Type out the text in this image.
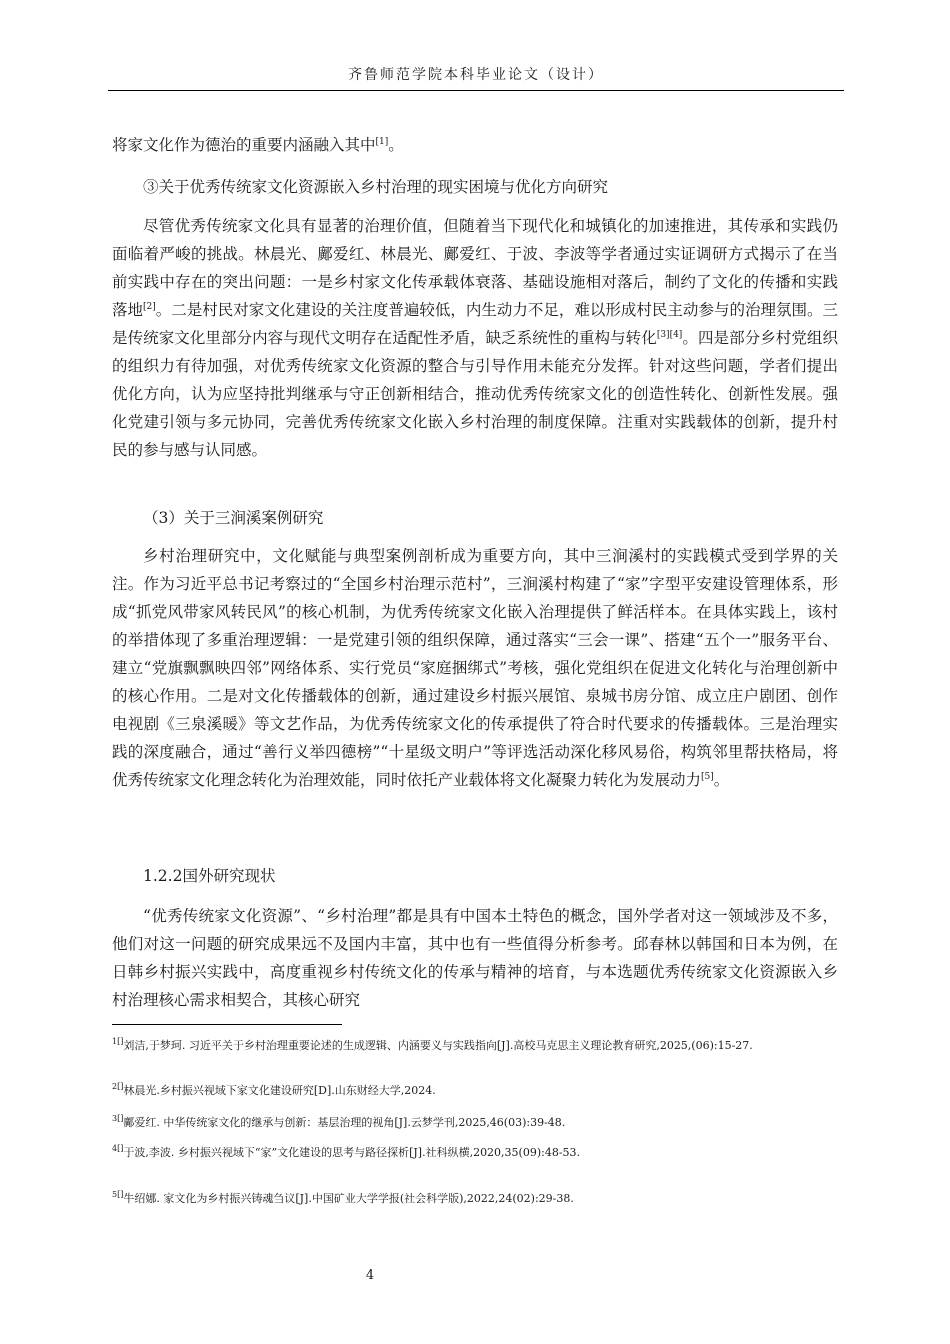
齐鲁师范学院本科毕业论文（设计）

将家文化作为德治的重要内涵融入其中[1]。

③关于优秀传统家文化资源嵌入乡村治理的现实困境与优化方向研究

尽管优秀传统家文化具有显著的治理价值，但随着当下现代化和城镇化的加速推进，其传承和实践仍面临着严峻的挑战。林晨光、鄺爱红、林晨光、鄺爱红、于波、李波等学者通过实证调研方式揭示了在当前实践中存在的突出问题：一是乡村家文化传承载体衰落、基础设施相对落后，制约了文化的传播和实践落地[2]。二是村民对家文化建设的关注度普遍较低，内生动力不足，难以形成村民主动参与的治理氛围。三是传统家文化里部分内容与现代文明存在适配性矛盾，缺乏系统性的重构与转化[3][4]。四是部分乡村党组织的组织力有待加强，对优秀传统家文化资源的整合与引导作用未能充分发挥。针对这些问题，学者们提出优化方向，认为应坚持批判继承与守正创新相结合，推动优秀传统家文化的创造性转化、创新性发展。强化党建引领与多元协同，完善优秀传统家文化嵌入乡村治理的制度保障。注重对实践载体的创新，提升村民的参与感与认同感。

（3）关于三涧溪案例研究

乡村治理研究中，文化赋能与典型案例剖析成为重要方向，其中三涧溪村的实践模式受到学界的关注。作为习近平总书记考察过的“全国乡村治理示范村”，三涧溪村构建了“家”字型平安建设管理体系，形成“抓党风带家风转民风”的核心机制，为优秀传统家文化嵌入治理提供了鲜活样本。在具体实践上，该村的举措体现了多重治理逻辑：一是党建引领的组织保障，通过落实“三会一课”、搭建“五个一”服务平台、建立“党旗飘飘映四邻”网络体系、实行党员“家庭捆绑式”考核，强化党组织在促进文化转化与治理创新中的核心作用。二是对文化传播载体的创新，通过建设乡村振兴展馆、泉城书房分馆、成立庄户剧团、创作电视剧《三泉溪暖》等文艺作品，为优秀传统家文化的传承提供了符合时代要求的传播载体。三是治理实践的深度融合，通过“善行义举四德榜”“十星级文明户”等评选活动深化移风易俗，构筑邻里帮扶格局，将优秀传统家文化理念转化为治理效能，同时依托产业载体将文化凝聚力转化为发展动力[5]。

1.2.2国外研究现状

“优秀传统家文化资源”、“乡村治理”都是具有中国本土特色的概念，国外学者对这一领域涉及不多，他们对这一问题的研究成果远不及国内丰富，其中也有一些值得分析参考。邱春林以韩国和日本为例，在日韩乡村振兴实践中，高度重视乡村传统文化的传承与精神的培育，与本选题优秀传统家文化资源嵌入乡村治理核心需求相契合，其核心研究

$^{1[]}$刘洁,于梦珂. 习近平关于乡村治理重要论述的生成逻辑、内涵要义与实践指向[J].高校马克思主义理论教育研究,2025,(06):15-27.
$^{2[]}$林晨光.乡村振兴视域下家文化建设研究[D].山东财经大学,2024.
$^{3[]}$鄺爱红. 中华传统家文化的继承与创新：基层治理的视角[J].云梦学刊,2025,46(03):39-48.
$^{4[]}$于波,李波. 乡村振兴视域下“家”文化建设的思考与路径探析[J].社科纵横,2020,35(09):48-53.
$^{5[]}$牛绍娜. 家文化为乡村振兴铸魂刍议[J].中国矿业大学学报(社会科学版),2022,24(02):29-38.
4
